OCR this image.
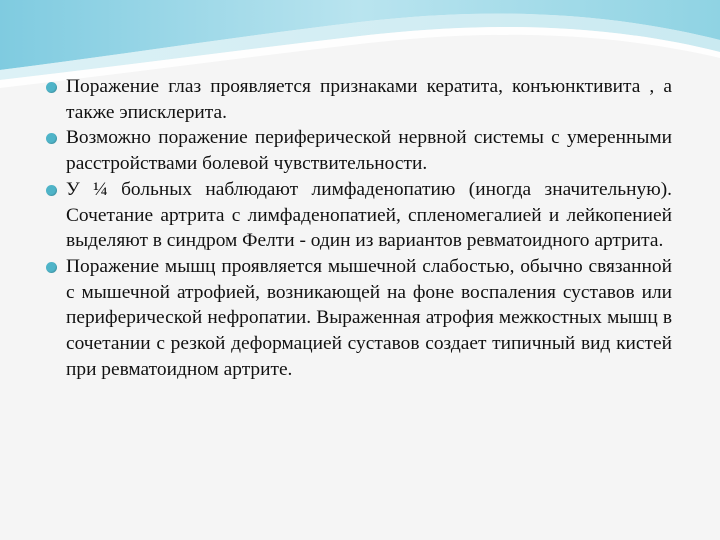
Поражение глаз проявляется признаками кератита, конъюнктивита , а также эписклерита.
Возможно поражение периферической нервной системы с умеренными расстройствами болевой чувствительности.
У ¼ больных наблюдают лимфаденопатию (иногда значительную). Сочетание артрита с лимфаденопатией, спленомегалией и лейкопенией выделяют в синдром Фелти - один из вариантов ревматоидного артрита.
Поражение мышц проявляется мышечной слабостью, обычно связанной с мышечной атрофией, возникающей на фоне воспаления суставов или периферической нефропатии. Выраженная атрофия межкостных мышц в сочетании с резкой деформацией суставов создает типичный вид кистей при ревматоидном артрите.
